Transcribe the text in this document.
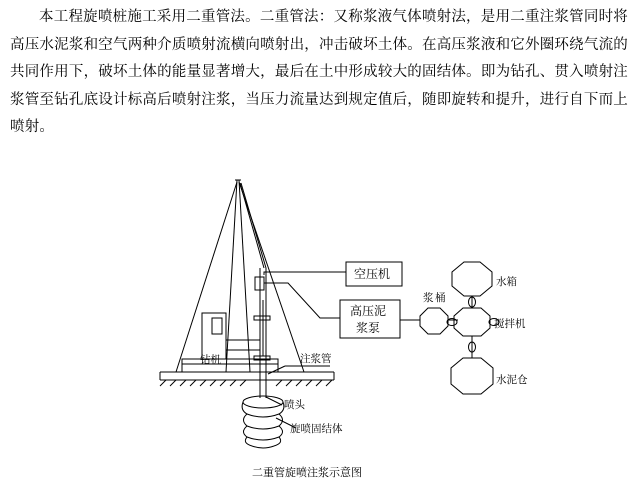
本工程旋喷桩施工采用二重管法。二重管法：又称浆液气体喷射法，是用二重注浆管同时将高压水泥浆和空气两种介质喷射流横向喷射出，冲击破坏土体。在高压浆液和它外圈环绕气流的共同作用下，破坏土体的能量显著增大，最后在土中形成较大的固结体。即为钻孔、贯入喷射注浆管至钻孔底设计标高后喷射注浆，当压力流量达到规定值后，随即旋转和提升，进行自下而上喷射。
空压机
高压泥
浆泵
浆 桶
水箱
搅拌机
水泥仓
钻机	注浆管
喷头
旋喷固结体
二重管旋喷注浆示意图
